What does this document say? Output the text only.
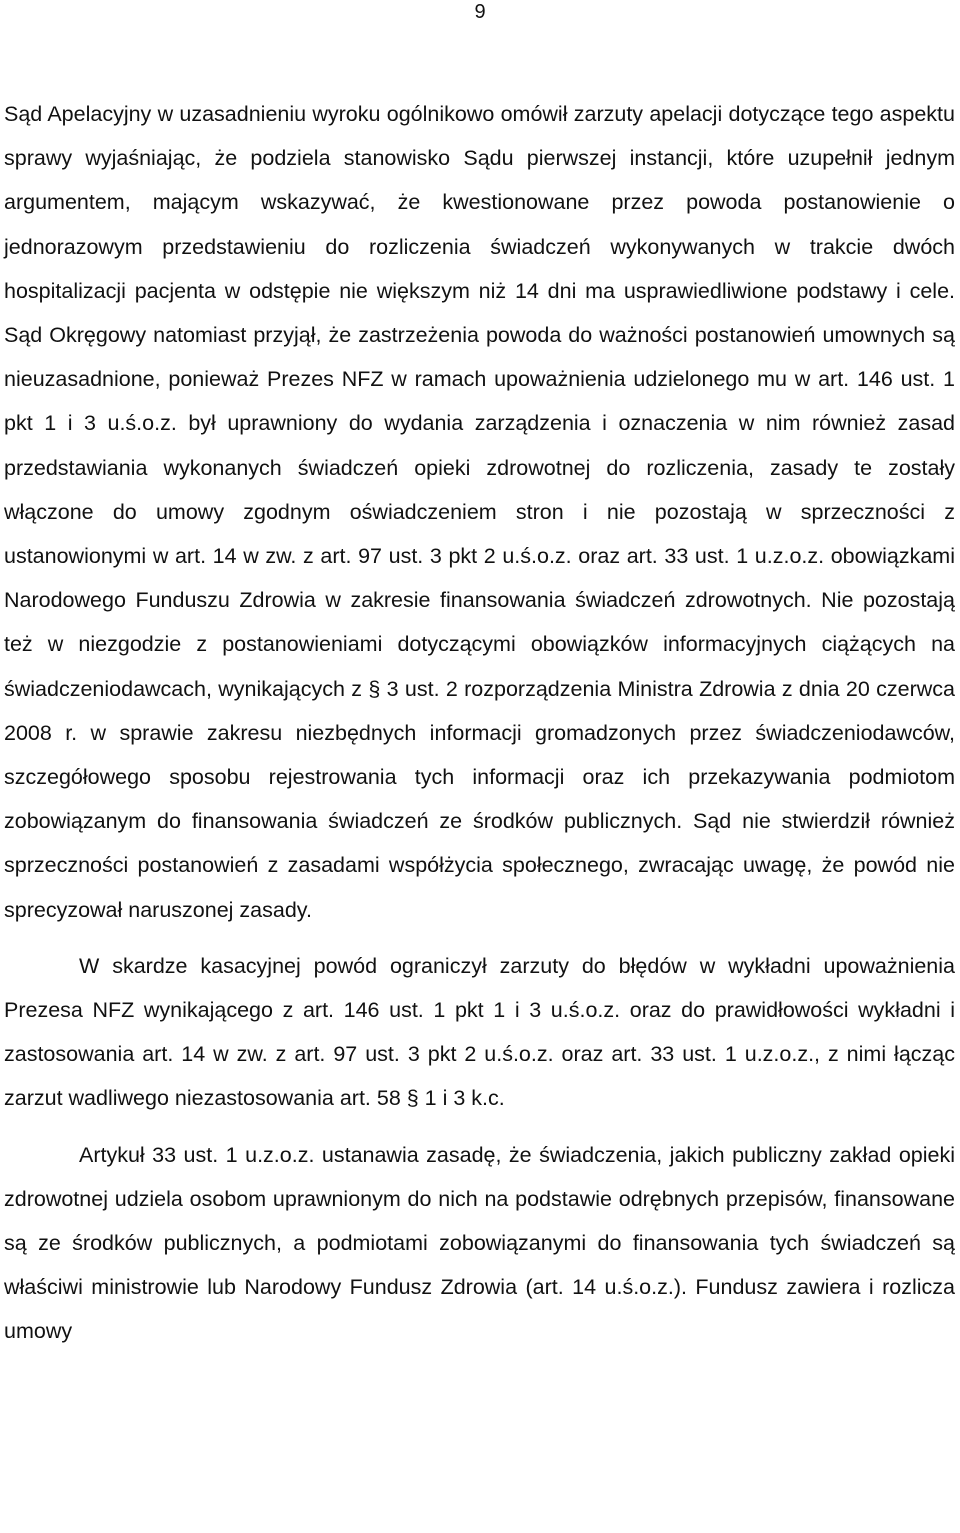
9

Sąd Apelacyjny w uzasadnieniu wyroku ogólnikowo omówił zarzuty apelacji dotyczące tego aspektu sprawy wyjaśniając, że podziela stanowisko Sądu pierwszej instancji, które uzupełnił jednym argumentem, mającym wskazywać, że kwestionowane przez powoda postanowienie o jednorazowym przedstawieniu do rozliczenia świadczeń wykonywanych w trakcie dwóch hospitalizacji pacjenta w odstępie nie większym niż 14 dni ma usprawiedliwione podstawy i cele. Sąd Okręgowy natomiast przyjął, że zastrzeżenia powoda do ważności postanowień umownych są nieuzasadnione, ponieważ Prezes NFZ w ramach upoważnienia udzielonego mu w art. 146 ust. 1 pkt 1 i 3 u.ś.o.z. był uprawniony do wydania zarządzenia i oznaczenia w nim również zasad przedstawiania wykonanych świadczeń opieki zdrowotnej do rozliczenia, zasady te zostały włączone do umowy zgodnym oświadczeniem stron i nie pozostają w sprzeczności z ustanowionymi w art. 14 w zw. z art. 97 ust. 3 pkt 2 u.ś.o.z. oraz art. 33 ust. 1 u.z.o.z. obowiązkami Narodowego Funduszu Zdrowia w zakresie finansowania świadczeń zdrowotnych. Nie pozostają też w niezgodzie z postanowieniami dotyczącymi obowiązków informacyjnych ciążących na świadczeniodawcach, wynikających z § 3 ust. 2 rozporządzenia Ministra Zdrowia z dnia 20 czerwca 2008 r. w sprawie zakresu niezbędnych informacji gromadzonych przez świadczeniodawców, szczegółowego sposobu rejestrowania tych informacji oraz ich przekazywania podmiotom zobowiązanym do finansowania świadczeń ze środków publicznych. Sąd nie stwierdził również sprzeczności postanowień z zasadami współżycia społecznego, zwracając uwagę, że powód nie sprecyzował naruszonej zasady.

W skardze kasacyjnej powód ograniczył zarzuty do błędów w wykładni upoważnienia Prezesa NFZ wynikającego z art. 146 ust. 1 pkt 1 i 3 u.ś.o.z. oraz do prawidłowości wykładni i zastosowania art. 14 w zw. z art. 97 ust. 3 pkt 2 u.ś.o.z. oraz art. 33 ust. 1 u.z.o.z., z nimi łącząc zarzut wadliwego niezastosowania art. 58 § 1 i 3 k.c.

Artykuł 33 ust. 1 u.z.o.z. ustanawia zasadę, że świadczenia, jakich publiczny zakład opieki zdrowotnej udziela osobom uprawnionym do nich na podstawie odrębnych przepisów, finansowane są ze środków publicznych, a podmiotami zobowiązanymi do finansowania tych świadczeń są właściwi ministrowie lub Narodowy Fundusz Zdrowia (art. 14 u.ś.o.z.). Fundusz zawiera i rozlicza umowy
